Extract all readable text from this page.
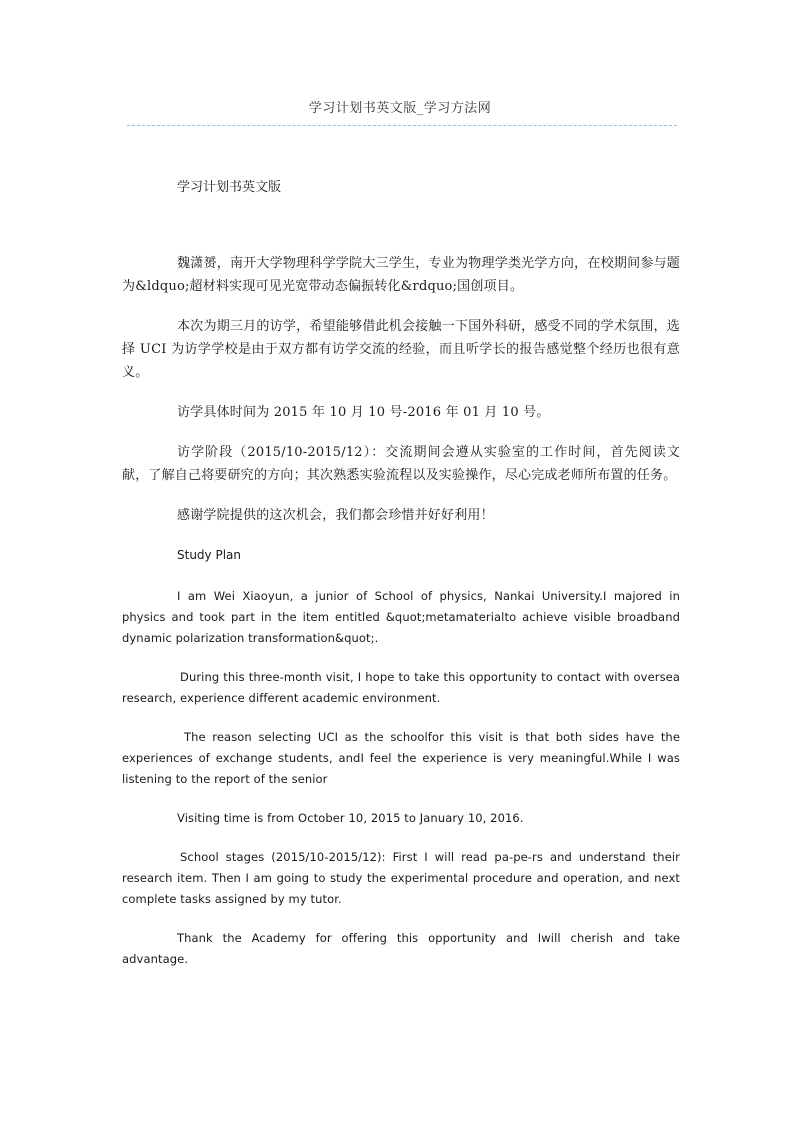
学习计划书英文版_学习方法网

学习计划书英文版

魏潇赟，南开大学物理科学学院大三学生，专业为物理学类光学方向，在校期间参与题为&ldquo;超材料实现可见光宽带动态偏振转化&rdquo;国创项目。

本次为期三月的访学，希望能够借此机会接触一下国外科研，感受不同的学术氛围，选择 UCI 为访学学校是由于双方都有访学交流的经验，而且听学长的报告感觉整个经历也很有意义。

访学具体时间为 2015 年 10 月 10 号-2016 年 01 月 10 号。

访学阶段（2015/10-2015/12）：交流期间会遵从实验室的工作时间，首先阅读文献，了解自己将要研究的方向；其次熟悉实验流程以及实验操作，尽心完成老师所布置的任务。

感谢学院提供的这次机会，我们都会珍惜并好好利用！

Study Plan

I am Wei Xiaoyun, a junior of School of physics, Nankai University.I majored in physics and took part in the item entitled &quot;metamaterialto achieve visible broadband dynamic polarization transformation&quot;.

During this three-month visit, I hope to take this opportunity to contact with oversea research, experience different academic environment.

The reason selecting UCI as the schoolfor this visit is that both sides have the experiences of exchange students, andI feel the experience is very meaningful.While I was listening to the report of the senior

Visiting time is from October 10, 2015 to January 10, 2016.

School stages (2015/10-2015/12): First I will read pa-pe-rs and understand their research item. Then I am going to study the experimental procedure and operation, and next complete tasks assigned by my tutor.

Thank the Academy for offering this opportunity and Iwill cherish and take advantage.
